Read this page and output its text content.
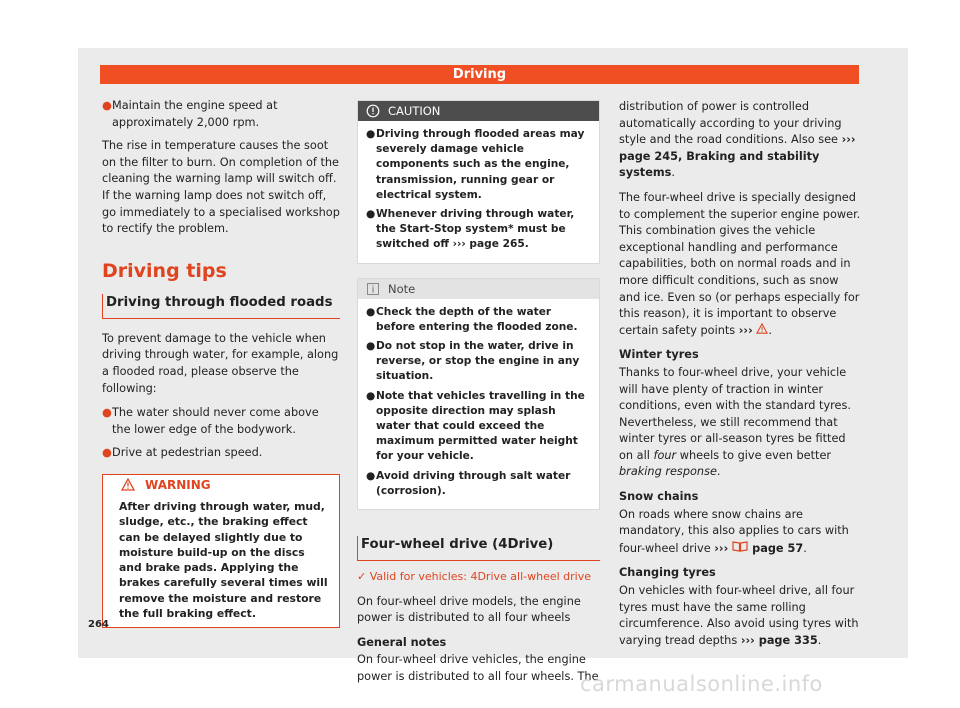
Driving
● Maintain the engine speed at approximately 2,000 rpm.

The rise in temperature causes the soot on the filter to burn. On completion of the cleaning the warning lamp will switch off. If the warning lamp does not switch off, go immediately to a specialised workshop to rectify the problem.

Driving tips
Driving through flooded roads

To prevent damage to the vehicle when driving through water, for example, along a flooded road, please observe the following:

● The water should never come above the lower edge of the bodywork.
● Drive at pedestrian speed.
WARNING
After driving through water, mud, sludge, etc., the braking effect can be delayed slightly due to moisture build-up on the discs and brake pads. Applying the brakes carefully several times will remove the moisture and restore the full braking effect.
CAUTION
● Driving through flooded areas may severely damage vehicle components such as the engine, transmission, running gear or electrical system.
● Whenever driving through water, the Start-Stop system* must be switched off ››› page 265.
Note
● Check the depth of the water before entering the flooded zone.
● Do not stop in the water, drive in reverse, or stop the engine in any situation.
● Note that vehicles travelling in the opposite direction may splash water that could exceed the maximum permitted water height for your vehicle.
● Avoid driving through salt water (corrosion).
Four-wheel drive (4Drive)
✓ Valid for vehicles: 4Drive all-wheel drive

On four-wheel drive models, the engine power is distributed to all four wheels

General notes

On four-wheel drive vehicles, the engine power is distributed to all four wheels. The

distribution of power is controlled automatically according to your driving style and the road conditions. Also see ››› page 245, Braking and stability systems.

The four-wheel drive is specially designed to complement the superior engine power. This combination gives the vehicle exceptional handling and performance capabilities, both on normal roads and in more difficult conditions, such as snow and ice. Even so (or perhaps especially for this reason), it is important to observe certain safety points ››› .

Winter tyres

Thanks to four-wheel drive, your vehicle will have plenty of traction in winter conditions, even with the standard tyres. Nevertheless, we still recommend that winter tyres or all-season tyres be fitted on all four wheels to give even better braking response.

Snow chains

On roads where snow chains are mandatory, this also applies to cars with four-wheel drive ›››  page 57.

Changing tyres

On vehicles with four-wheel drive, all four tyres must have the same rolling circumference. Also avoid using tyres with varying tread depths ››› page 335.

264
carmanualsonline.info
